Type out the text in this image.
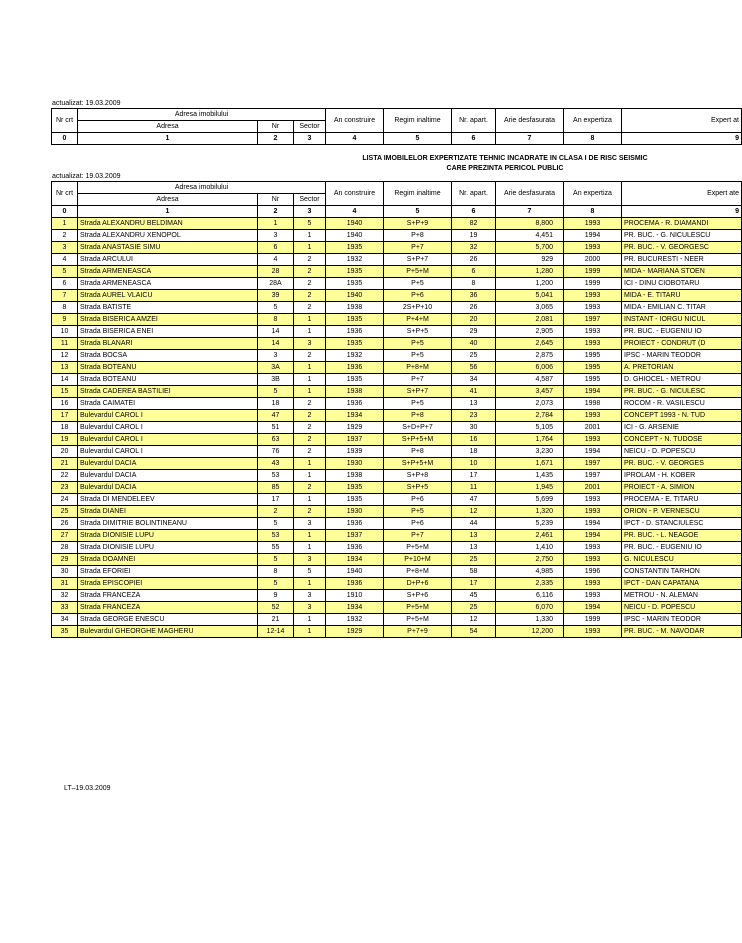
actualizat: 19.03.2009
Nr crt	Adresa imobilului			An construire	Regim inaltime	Nr. apart.	Arie desfasurata	An expertiza	Expert at
	Adresa	Nr	Sector						
0	1	2	3	4	5	6	7	8	9
LISTA IMOBILELOR EXPERTIZATE TEHNIC INCADRATE IN CLASA I DE RISC SEISMIC
CARE PREZINTA PERICOL PUBLIC
actualizat: 19.03.2009
Nr crt	Adresa imobilului			An construire	Regim inaltime	Nr. apart.	Arie desfasurata	An expertiza	Expert ate
	Adresa	Nr	Sector						
0	1	2	3	4	5	6	7	8	9
1	Strada ALEXANDRU BELDIMAN	1	5	1940	S+P+9	82	8,800	1993	PROCEMA - R. DIAMANDI
2	Strada ALEXANDRU XENOPOL	3	1	1940	P+8	19	4,451	1994	PR. BUC. - G. NICULESCU
3	Strada ANASTASIE SIMU	6	1	1935	P+7	32	5,700	1993	PR. BUC. - V. GEORGESC
4	Strada ARCULUI	4	2	1932	S+P+7	26	929	2000	PR. BUCURESTI - NEER
5	Strada ARMENEASCA	28	2	1935	P+5+M	6	1,280	1999	MIDA - MARIANA STOEN
6	Strada ARMENEASCA	28A	2	1935	P+5	8	1,200	1999	ICI - DINU CIOBOTARU
7	Strada AUREL VLAICU	39	2	1940	P+6	36	5,041	1993	MIDA - E. TITARU
8	Strada BATISTE	5	2	1938	2S+P+10	26	3,065	1993	MIDA - EMILIAN C. TITAR
9	Strada BISERICA AMZEI	8	1	1935	P+4+M	20	2,081	1997	INSTANT - IORGU NICUL
10	Strada BISERICA ENEI	14	1	1936	S+P+5	29	2,905	1993	PR. BUC. - EUGENIU IO
11	Strada BLANARI	14	3	1935	P+5	40	2,645	1993	PROIECT - CONDRUT (D
12	Strada BOCSA	3	2	1932	P+5	25	2,875	1995	IPSC - MARIN TEODOR
13	Strada BOTEANU	3A	1	1936	P+8+M	56	6,006	1995	A. PRETORIAN
14	Strada BOTEANU	3B	1	1935	P+7	34	4,587	1995	D. GHIOCEL - METROU
15	Strada CADEREA BASTILIEI	5	1	1938	S+P+7	41	3,457	1994	PR. BUC. - G. NICULESC
16	Strada CAIMATEI	18	2	1936	P+5	13	2,073	1998	ROCOM - R. VASILESCU
17	Bulevardul CAROL I	47	2	1934	P+8	23	2,784	1993	CONCEPT 1993 - N. TUD
18	Bulevardul CAROL I	51	2	1929	S+D+P+7	30	5,105	2001	ICI - G. ARSENIE
19	Bulevardul CAROL I	63	2	1937	S+P+5+M	16	1,764	1993	CONCEPT - N. TUDOSE
20	Bulevardul CAROL I	76	2	1939	P+8	18	3,230	1994	NEICU - D. POPESCU
21	Bulevardul DACIA	43	1	1930	S+P+5+M	10	1,671	1997	PR. BUC. - V. GEORGES
22	Bulevardul DACIA	53	1	1938	S+P+8	17	1,435	1997	IPROLAM - H. KOBER
23	Bulevardul DACIA	85	2	1935	S+P+5	11	1,945	2001	PROIECT - A. SIMION
24	Strada DI MENDELEEV	17	1	1935	P+6	47	5,699	1993	PROCEMA - E. TITARU
25	Strada DIANEI	2	2	1930	P+5	12	1,320	1993	ORION - P. VERNESCU
26	Strada DIMITRIE BOLINTINEANU	5	3	1936	P+6	44	5,239	1994	IPCT - D. STANCIULESC
27	Strada DIONISIE LUPU	53	1	1937	P+7	13	2,461	1994	PR. BUC. - L. NEAGOE
28	Strada DIONISIE LUPU	55	1	1936	P+5+M	13	1,410	1993	PR. BUC. - EUGENIU IO
29	Strada DOAMNEI	5	3	1934	P+10+M	25	2,750	1993	G. NICULESCU
30	Strada EFORIEI	8	5	1940	P+8+M	58	4,985	1996	CONSTANTIN TARHON
31	Strada EPISCOPIEI	5	1	1936	D+P+6	17	2,335	1993	IPCT - DAN CAPATANA
32	Strada FRANCEZA	9	3	1910	S+P+6	45	6,116	1993	METROU - N. ALEMAN
33	Strada FRANCEZA	52	3	1934	P+5+M	25	6,070	1994	NEICU - D. POPESCU
34	Strada GEORGE ENESCU	21	1	1932	P+5+M	12	1,330	1999	IPSC - MARIN TEODOR
35	Bulevardul GHEORGHE MAGHERU	12-14	1	1929	P+7+9	54	12,200	1993	PR. BUC. - M. NAVODAR
LT–19.03.2009
